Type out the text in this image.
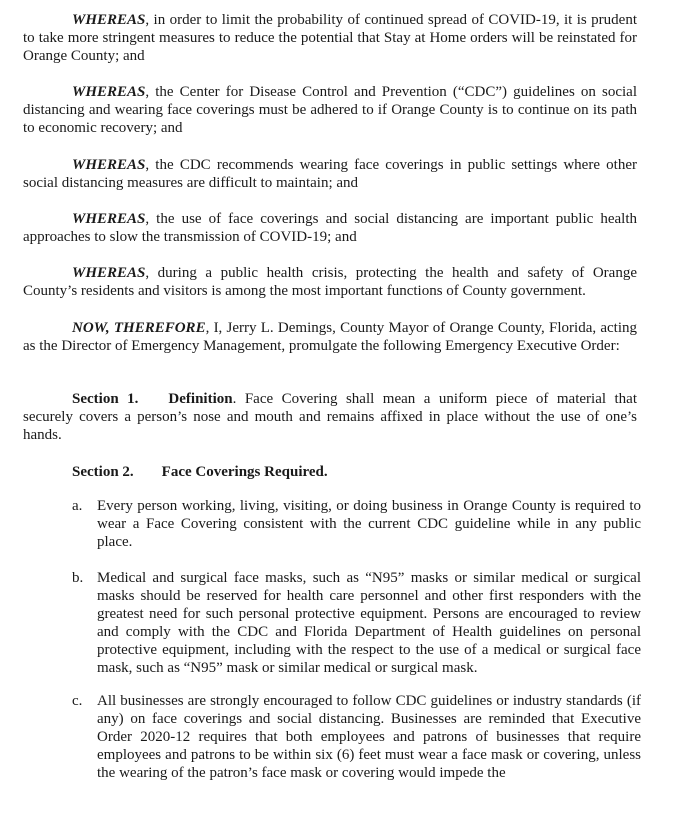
WHEREAS, in order to limit the probability of continued spread of COVID-19, it is prudent to take more stringent measures to reduce the potential that Stay at Home orders will be reinstated for Orange County; and

WHEREAS, the Center for Disease Control and Prevention (“CDC”) guidelines on social distancing and wearing face coverings must be adhered to if Orange County is to continue on its path to economic recovery; and

WHEREAS, the CDC recommends wearing face coverings in public settings where other social distancing measures are difficult to maintain; and

WHEREAS, the use of face coverings and social distancing are important public health approaches to slow the transmission of COVID-19; and

WHEREAS, during a public health crisis, protecting the health and safety of Orange County’s residents and visitors is among the most important functions of County government.

NOW, THEREFORE, I, Jerry L. Demings, County Mayor of Orange County, Florida, acting as the Director of Emergency Management, promulgate the following Emergency Executive Order:

Section 1. Definition. Face Covering shall mean a uniform piece of material that securely covers a person’s nose and mouth and remains affixed in place without the use of one’s hands.

Section 2. Face Coverings Required.

a. Every person working, living, visiting, or doing business in Orange County is required to wear a Face Covering consistent with the current CDC guideline while in any public place.
b. Medical and surgical face masks, such as “N95” masks or similar medical or surgical masks should be reserved for health care personnel and other first responders with the greatest need for such personal protective equipment. Persons are encouraged to review and comply with the CDC and Florida Department of Health guidelines on personal protective equipment, including with the respect to the use of a medical or surgical face mask, such as “N95” mask or similar medical or surgical mask.
c. All businesses are strongly encouraged to follow CDC guidelines or industry standards (if any) on face coverings and social distancing. Businesses are reminded that Executive Order 2020-12 requires that both employees and patrons of businesses that require employees and patrons to be within six (6) feet must wear a face mask or covering, unless the wearing of the patron’s face mask or covering would impede the
